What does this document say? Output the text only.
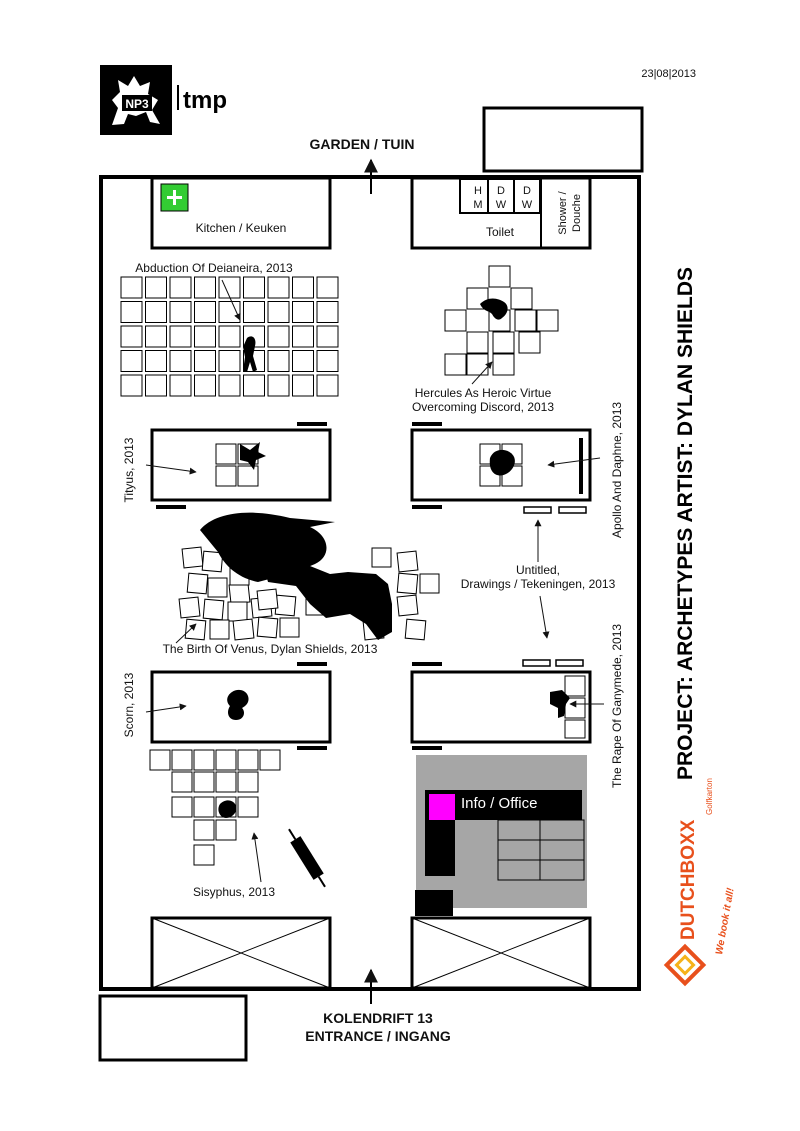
23|08|2013
NP3 tmp
GARDEN / TUIN
Kitchen / Keuken
H
M
D
W
D
W
Toilet	Shower / Douche
Abduction Of Deianeira, 2013
Hercules As Heroic Virtue
Overcoming Discord, 2013
Tityus, 2013	Apollo And Daphne, 2013
Untitled,
Drawings / Tekeningen, 2013
The Birth Of Venus, Dylan Shields, 2013
Scorn, 2013	The Rape Of Ganymede, 2013
Sisyphus, 2013
Info / Office
KOLENDRIFT 13
ENTRANCE / INGANG
PROJECT: ARCHETYPES ARTIST: DYLAN SHIELDS
DUTCHBOXX
Golfkarton
We book it all!
